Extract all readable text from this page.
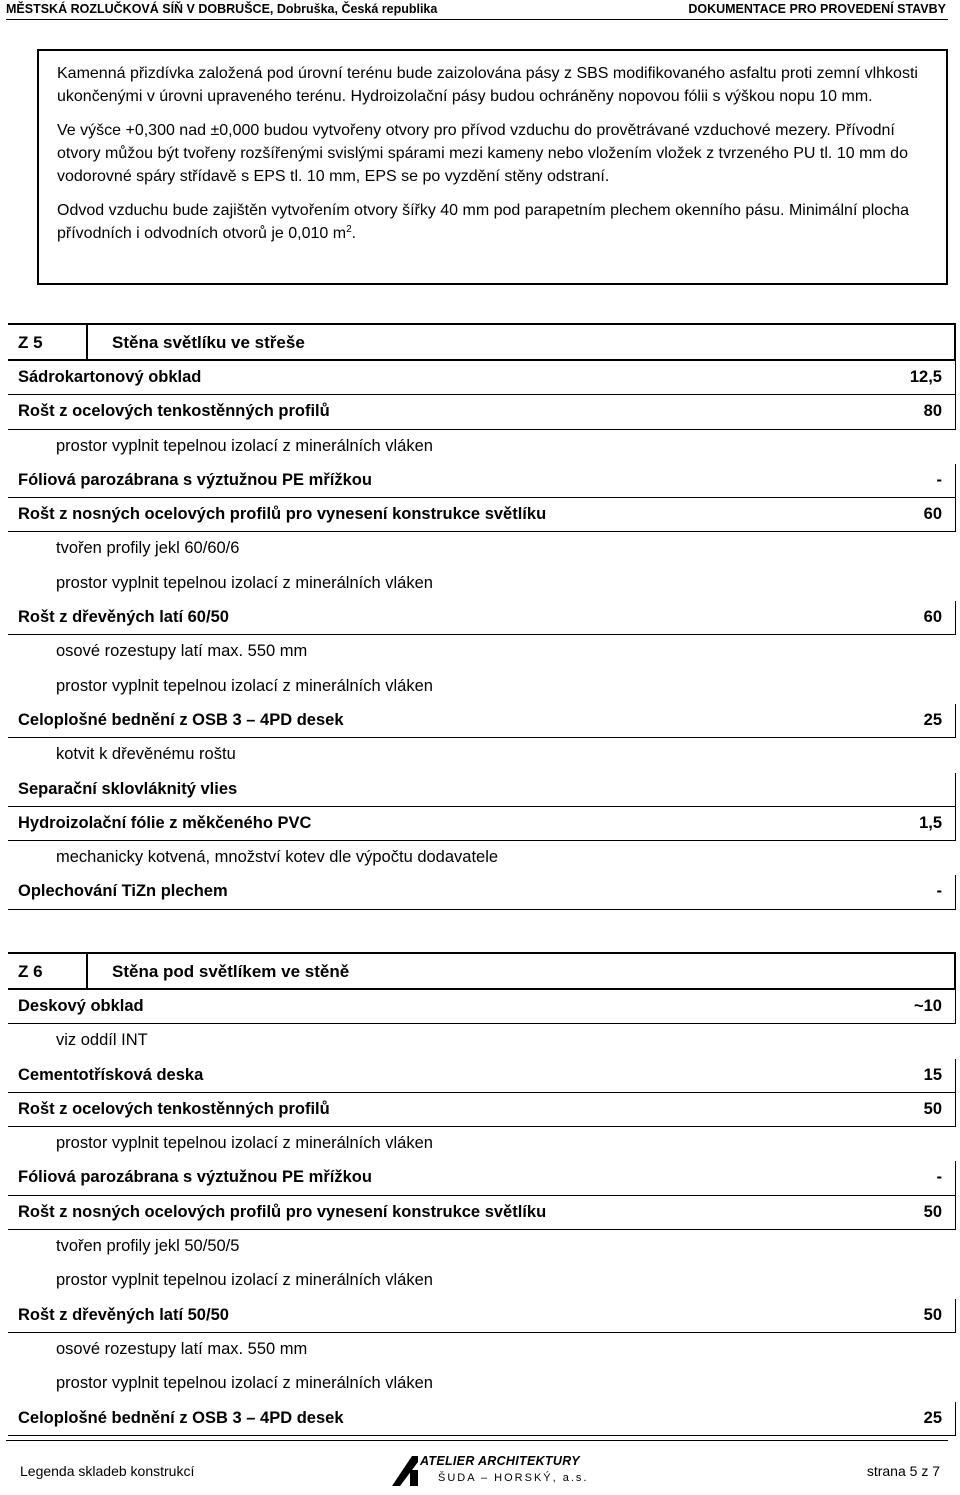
MĚSTSKÁ ROZLUČKOVÁ SÍŇ V DOBRUŠCE, Dobruška, Česká republika	DOKUMENTACE PRO PROVEDENÍ STAVBY

Kamenná přizdívka založená pod úrovní terénu bude zaizolována pásy z SBS modifikovaného asfaltu proti zemní vlhkosti ukončenými v úrovni upraveného terénu. Hydroizolační pásy budou ochráněny nopovou fólii s výškou nopu 10 mm.

Ve výšce +0,300 nad ±0,000 budou vytvořeny otvory pro přívod vzduchu do provětrávané vzduchové mezery. Přívodní otvory můžou být tvořeny rozšířenými svislými spárami mezi kameny nebo vložením vložek z tvrzeného PU tl. 10 mm do vodorovné spáry střídavě s EPS tl. 10 mm, EPS se po vyzdění stěny odstraní.

Odvod vzduchu bude zajištěn vytvořením otvory šířky 40 mm pod parapetním plechem okenního pásu. Minimální plocha přívodních i odvodních otvorů je 0,010 $m^2$.

Z 5	Stěna světlíku ve střeše
Sádrokartonový obklad	12,5
Rošt z ocelových tenkostěnných profilů	80
prostor vyplnit tepelnou izolací z minerálních vláken
Fóliová parozábrana s výztužnou PE mřížkou	-
Rošt z nosných ocelových profilů pro vynesení konstrukce světlíku	60
tvořen profily jekl 60/60/6
prostor vyplnit tepelnou izolací z minerálních vláken
Rošt z dřevěných latí 60/50	60
osové rozestupy latí max. 550 mm
prostor vyplnit tepelnou izolací z minerálních vláken
Celoplošné bednění z OSB 3 – 4PD desek	25
kotvit k dřevěnému roštu
Separační sklovláknitý vlies
Hydroizolační fólie z měkčeného PVC	1,5
mechanicky kotvená, množství kotev dle výpočtu dodavatele
Oplechování TiZn plechem	-
Z 6	Stěna pod světlíkem ve stěně
Deskový obklad	~10
viz oddíl INT
Cementotřísková deska	15
Rošt z ocelových tenkostěnných profilů	50
prostor vyplnit tepelnou izolací z minerálních vláken
Fóliová parozábrana s výztužnou PE mřížkou	-
Rošt z nosných ocelových profilů pro vynesení konstrukce světlíku	50
tvořen profily jekl 50/50/5
prostor vyplnit tepelnou izolací z minerálních vláken
Rošt z dřevěných latí 50/50	50
osové rozestupy latí max. 550 mm
prostor vyplnit tepelnou izolací z minerálních vláken
Celoplošné bednění z OSB 3 – 4PD desek	25
Legenda skladeb konstrukcí
ATELIER ARCHITEKTURY
ŠUDA – HORSKÝ, a.s.	strana 5 z 7
